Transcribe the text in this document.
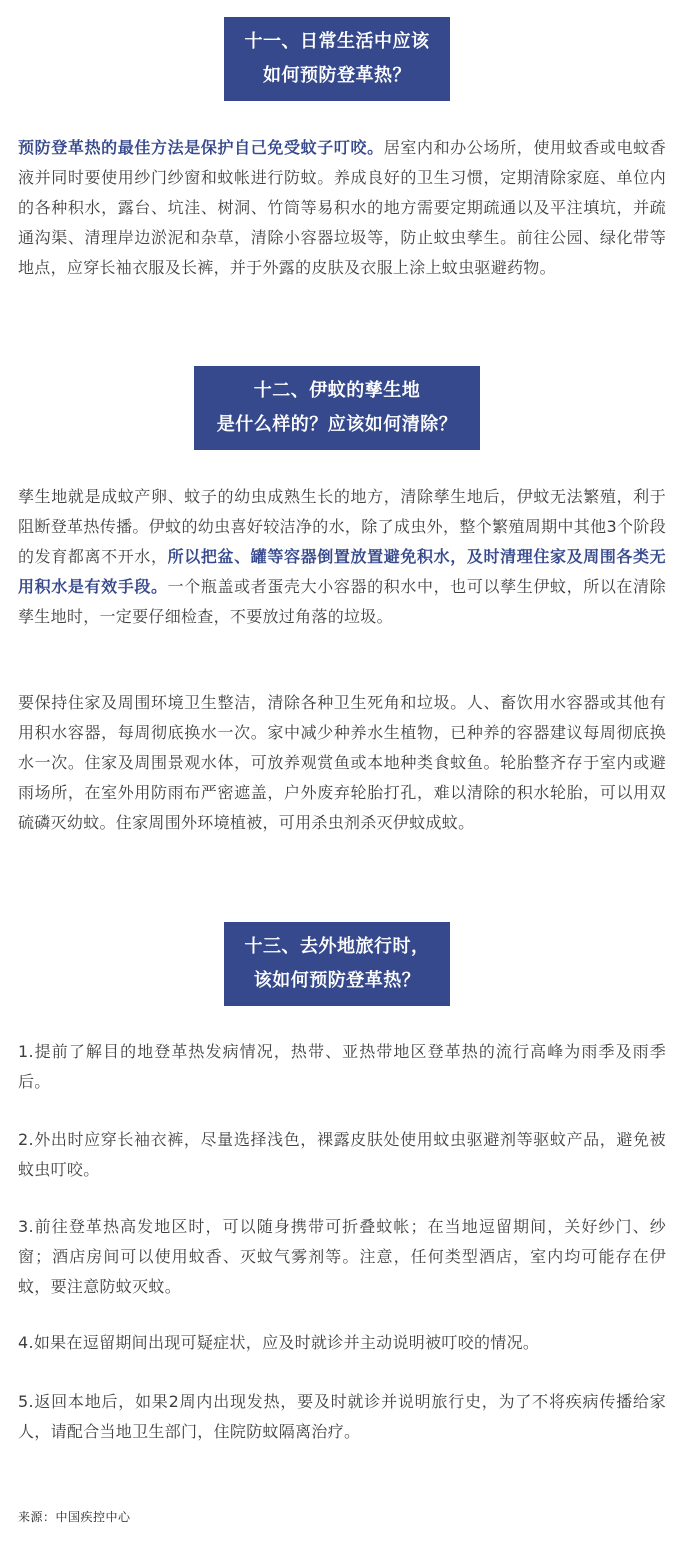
十一、日常生活中应该
如何预防登革热？

预防登革热的最佳方法是保护自己免受蚊子叮咬。居室内和办公场所，使用蚊香或电蚊香液并同时要使用纱门纱窗和蚊帐进行防蚊。养成良好的卫生习惯，定期清除家庭、单位内的各种积水，露台、坑洼、树洞、竹筒等易积水的地方需要定期疏通以及平注填坑，并疏通沟渠、清理岸边淤泥和杂草，清除小容器垃圾等，防止蚊虫孳生。前往公园、绿化带等地点，应穿长袖衣服及长裤，并于外露的皮肤及衣服上涂上蚊虫驱避药物。

十二、伊蚊的孳生地
是什么样的？应该如何清除？

孳生地就是成蚊产卵、蚊子的幼虫成熟生长的地方，清除孳生地后，伊蚊无法繁殖，利于阻断登革热传播。伊蚊的幼虫喜好较洁净的水，除了成虫外，整个繁殖周期中其他3个阶段的发育都离不开水，所以把盆、罐等容器倒置放置避免积水，及时清理住家及周围各类无用积水是有效手段。一个瓶盖或者蛋壳大小容器的积水中，也可以孳生伊蚊，所以在清除孳生地时，一定要仔细检查，不要放过角落的垃圾。

要保持住家及周围环境卫生整洁，清除各种卫生死角和垃圾。人、畜饮用水容器或其他有用积水容器，每周彻底换水一次。家中减少种养水生植物，已种养的容器建议每周彻底换水一次。住家及周围景观水体，可放养观赏鱼或本地种类食蚊鱼。轮胎整齐存于室内或避雨场所，在室外用防雨布严密遮盖，户外废弃轮胎打孔，难以清除的积水轮胎，可以用双硫磷灭幼蚊。住家周围外环境植被，可用杀虫剂杀灭伊蚊成蚊。

十三、去外地旅行时，
该如何预防登革热？

1.提前了解目的地登革热发病情况，热带、亚热带地区登革热的流行高峰为雨季及雨季后。

2.外出时应穿长袖衣裤，尽量选择浅色，裸露皮肤处使用蚊虫驱避剂等驱蚊产品，避免被蚊虫叮咬。

3.前往登革热高发地区时，可以随身携带可折叠蚊帐；在当地逗留期间，关好纱门、纱窗；酒店房间可以使用蚊香、灭蚊气雾剂等。注意，任何类型酒店，室内均可能存在伊蚊，要注意防蚊灭蚊。

4.如果在逗留期间出现可疑症状，应及时就诊并主动说明被叮咬的情况。

5.返回本地后，如果2周内出现发热，要及时就诊并说明旅行史，为了不将疾病传播给家人，请配合当地卫生部门，住院防蚊隔离治疗。

来源：中国疾控中心
